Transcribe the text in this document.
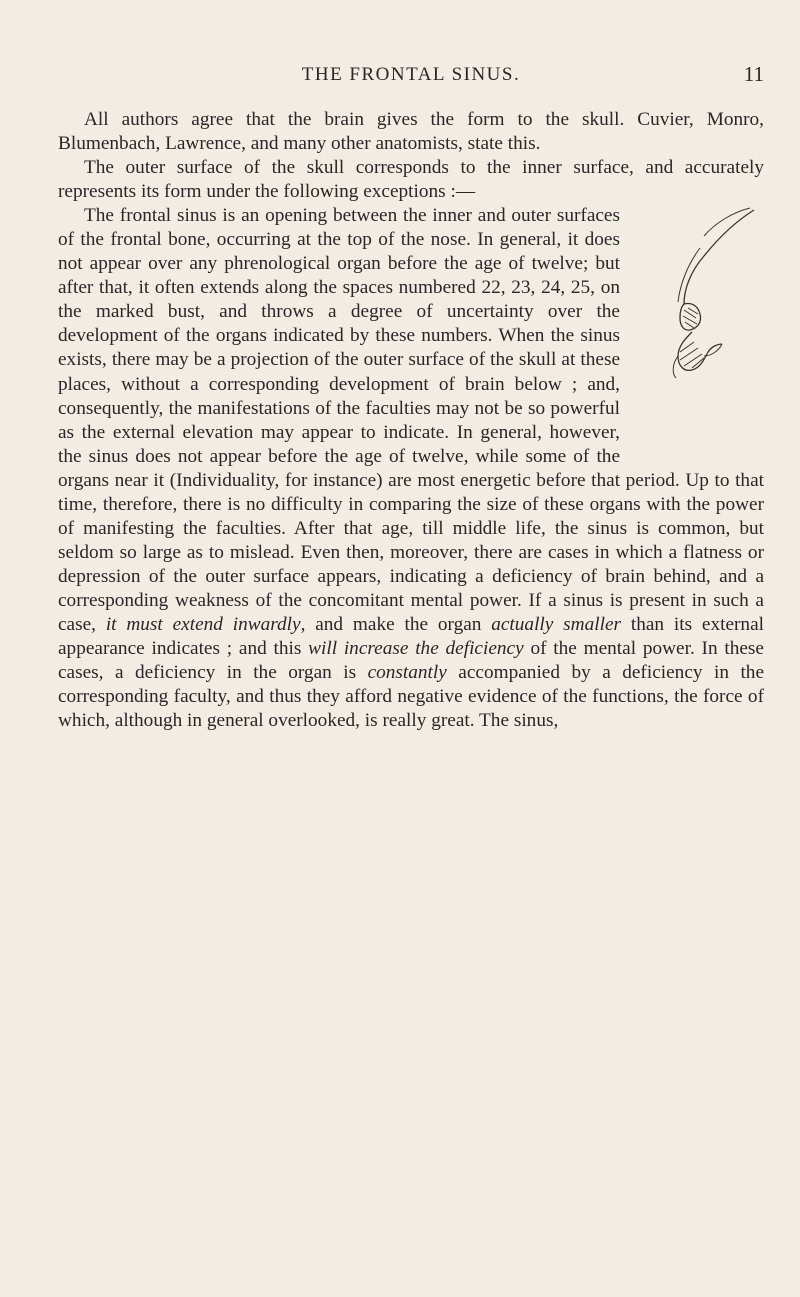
THE FRONTAL SINUS.	11

All authors agree that the brain gives the form to the skull. Cuvier, Monro, Blumenbach, Lawrence, and many other anatomists, state this.

The outer surface of the skull corresponds to the inner surface, and accurately represents its form under the following exceptions :—

The frontal sinus is an opening between the inner and outer surfaces of the frontal bone, occurring at the top of the nose. In general, it does not appear over any phrenological organ before the age of twelve; but after that, it often extends along the spaces numbered 22, 23, 24, 25, on the marked bust, and throws a degree of uncertainty over the development of the organs indicated by these numbers. When the sinus exists, there may be a projection of the outer surface of the skull at these places, without a corresponding development of brain below ; and, consequently, the manifestations of the faculties may not be so powerful as the external elevation may appear to indicate. In general, however, the sinus does not appear before the age of twelve, while some of the organs near it (Individuality, for instance) are most energetic before that period. Up to that time, therefore, there is no difficulty in comparing the size of these organs with the power of manifesting the faculties. After that age, till middle life, the sinus is common, but seldom so large as to mislead. Even then, moreover, there are cases in which a flatness or depression of the outer surface appears, indicating a deficiency of brain behind, and a corresponding weakness of the concomitant mental power. If a sinus is present in such a case, it must extend inwardly, and make the organ actually smaller than its external appearance indicates ; and this will increase the deficiency of the mental power. In these cases, a deficiency in the organ is constantly accompanied by a deficiency in the corresponding faculty, and thus they afford negative evidence of the functions, the force of which, although in general overlooked, is really great. The sinus,
